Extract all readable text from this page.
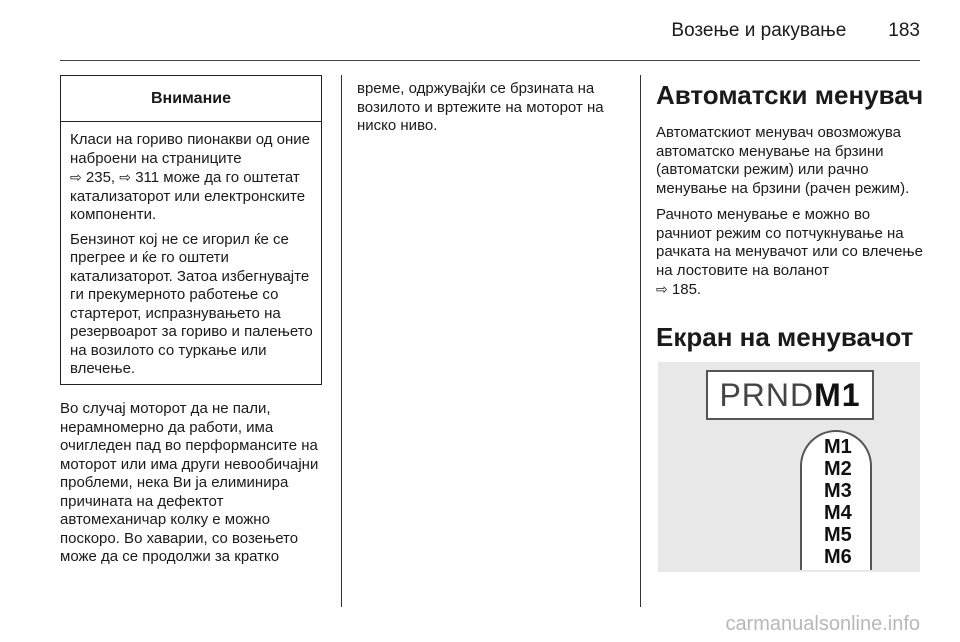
Возење и ракување 183
Внимание

Класи на гориво пионакви од оние наброени на страниците
⇨ 235, ⇨ 311 може да го оштетат катализаторот или електронските компоненти.

Бензинот кој не се игорил ќе се прегрее и ќе го оштети катализаторот. Затоа избегнувајте ги прекумерното работење со стартерот, испразнувањето на резервоарот за гориво и палењето на возилото со туркање или влечење.

Во случај моторот да не пали, нерамномерно да работи, има очигледен пад во перформансите на моторот или има други невообичајни проблеми, нека Ви ја елиминира причината на дефектот автомеханичар колку е можно поскоро. Во хаварии, со возењето може да се продолжи за кратко

време, одржувајќи се брзината на возилото и вртежите на моторот на ниско ниво.

Автоматски менувач

Автоматскиот менувач овозможува автоматско менување на брзини (автоматски режим) или рачно менување на брзини (рачен режим).

Рачното менување е можно во рачниот режим со потчукнување на рачката на менувачот или со влечење на лостовите на воланот
⇨ 185.

Екран на менувачот
PRND M1
M1
M2
M3
M4
M5
M6
carmanualsonline.info
